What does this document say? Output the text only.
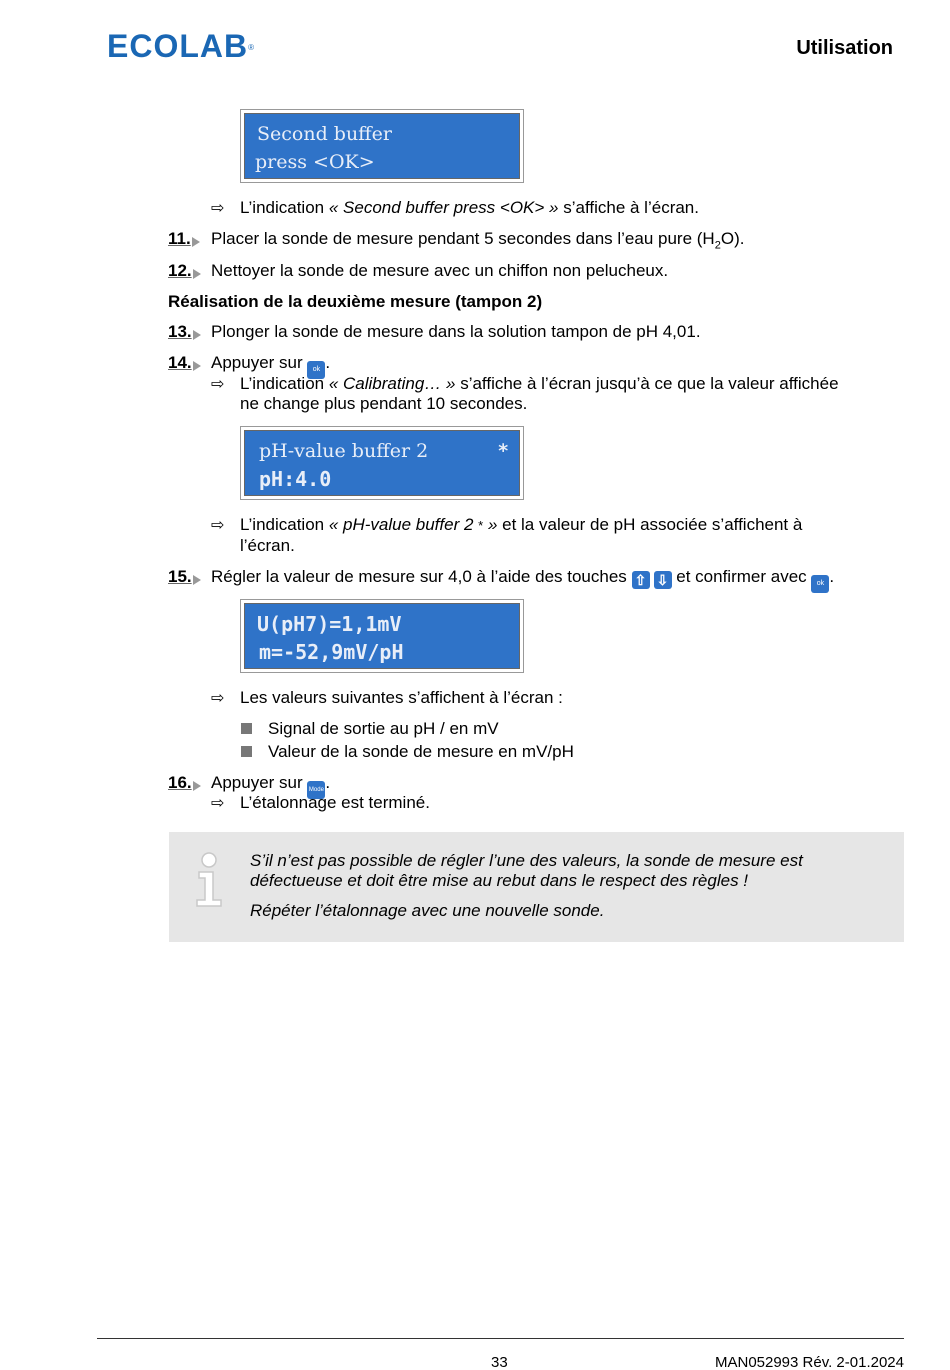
ECOLAB®	Utilisation
Second buffer
press <OK>
⇨ L’indication « Second buffer press <OK> » s’affiche à l’écran.
11.	Placer la sonde de mesure pendant 5 secondes dans l’eau pure $(H_2O)$.
12.	Nettoyer la sonde de mesure avec un chiffon non pelucheux.
Réalisation de la deuxième mesure (tampon 2)
13.	Plonger la sonde de mesure dans la solution tampon de pH 4,01.
14.	Appuyer sur ok .
⇨ L’indication « Calibrating… » s’affiche à l’écran jusqu’à ce que la valeur affichée
ne change plus pendant 10 secondes.
pH-value buffer 2	*
pH:4.0
⇨ L’indication « pH-value buffer 2 * » et la valeur de pH associée s’affichent à
l’écran.
15.	Régler la valeur de mesure sur 4,0 à l’aide des touches ⇧ ⇩ et confirmer avec ok .
U(pH7)=1,1mV
m=-52,9mV/pH
⇨ Les valeurs suivantes s’affichent à l’écran :
Signal de sortie au pH / en mV
Valeur de la sonde de mesure en mV/pH
16.	Appuyer sur Mode.
⇨ L’étalonnage est terminé.
S’il n’est pas possible de régler l’une des valeurs, la sonde de mesure est
défectueuse et doit être mise au rebut dans le respect des règles !
Répéter l’étalonnage avec une nouvelle sonde.
33	MAN052993 Rév. 2-01.2024
